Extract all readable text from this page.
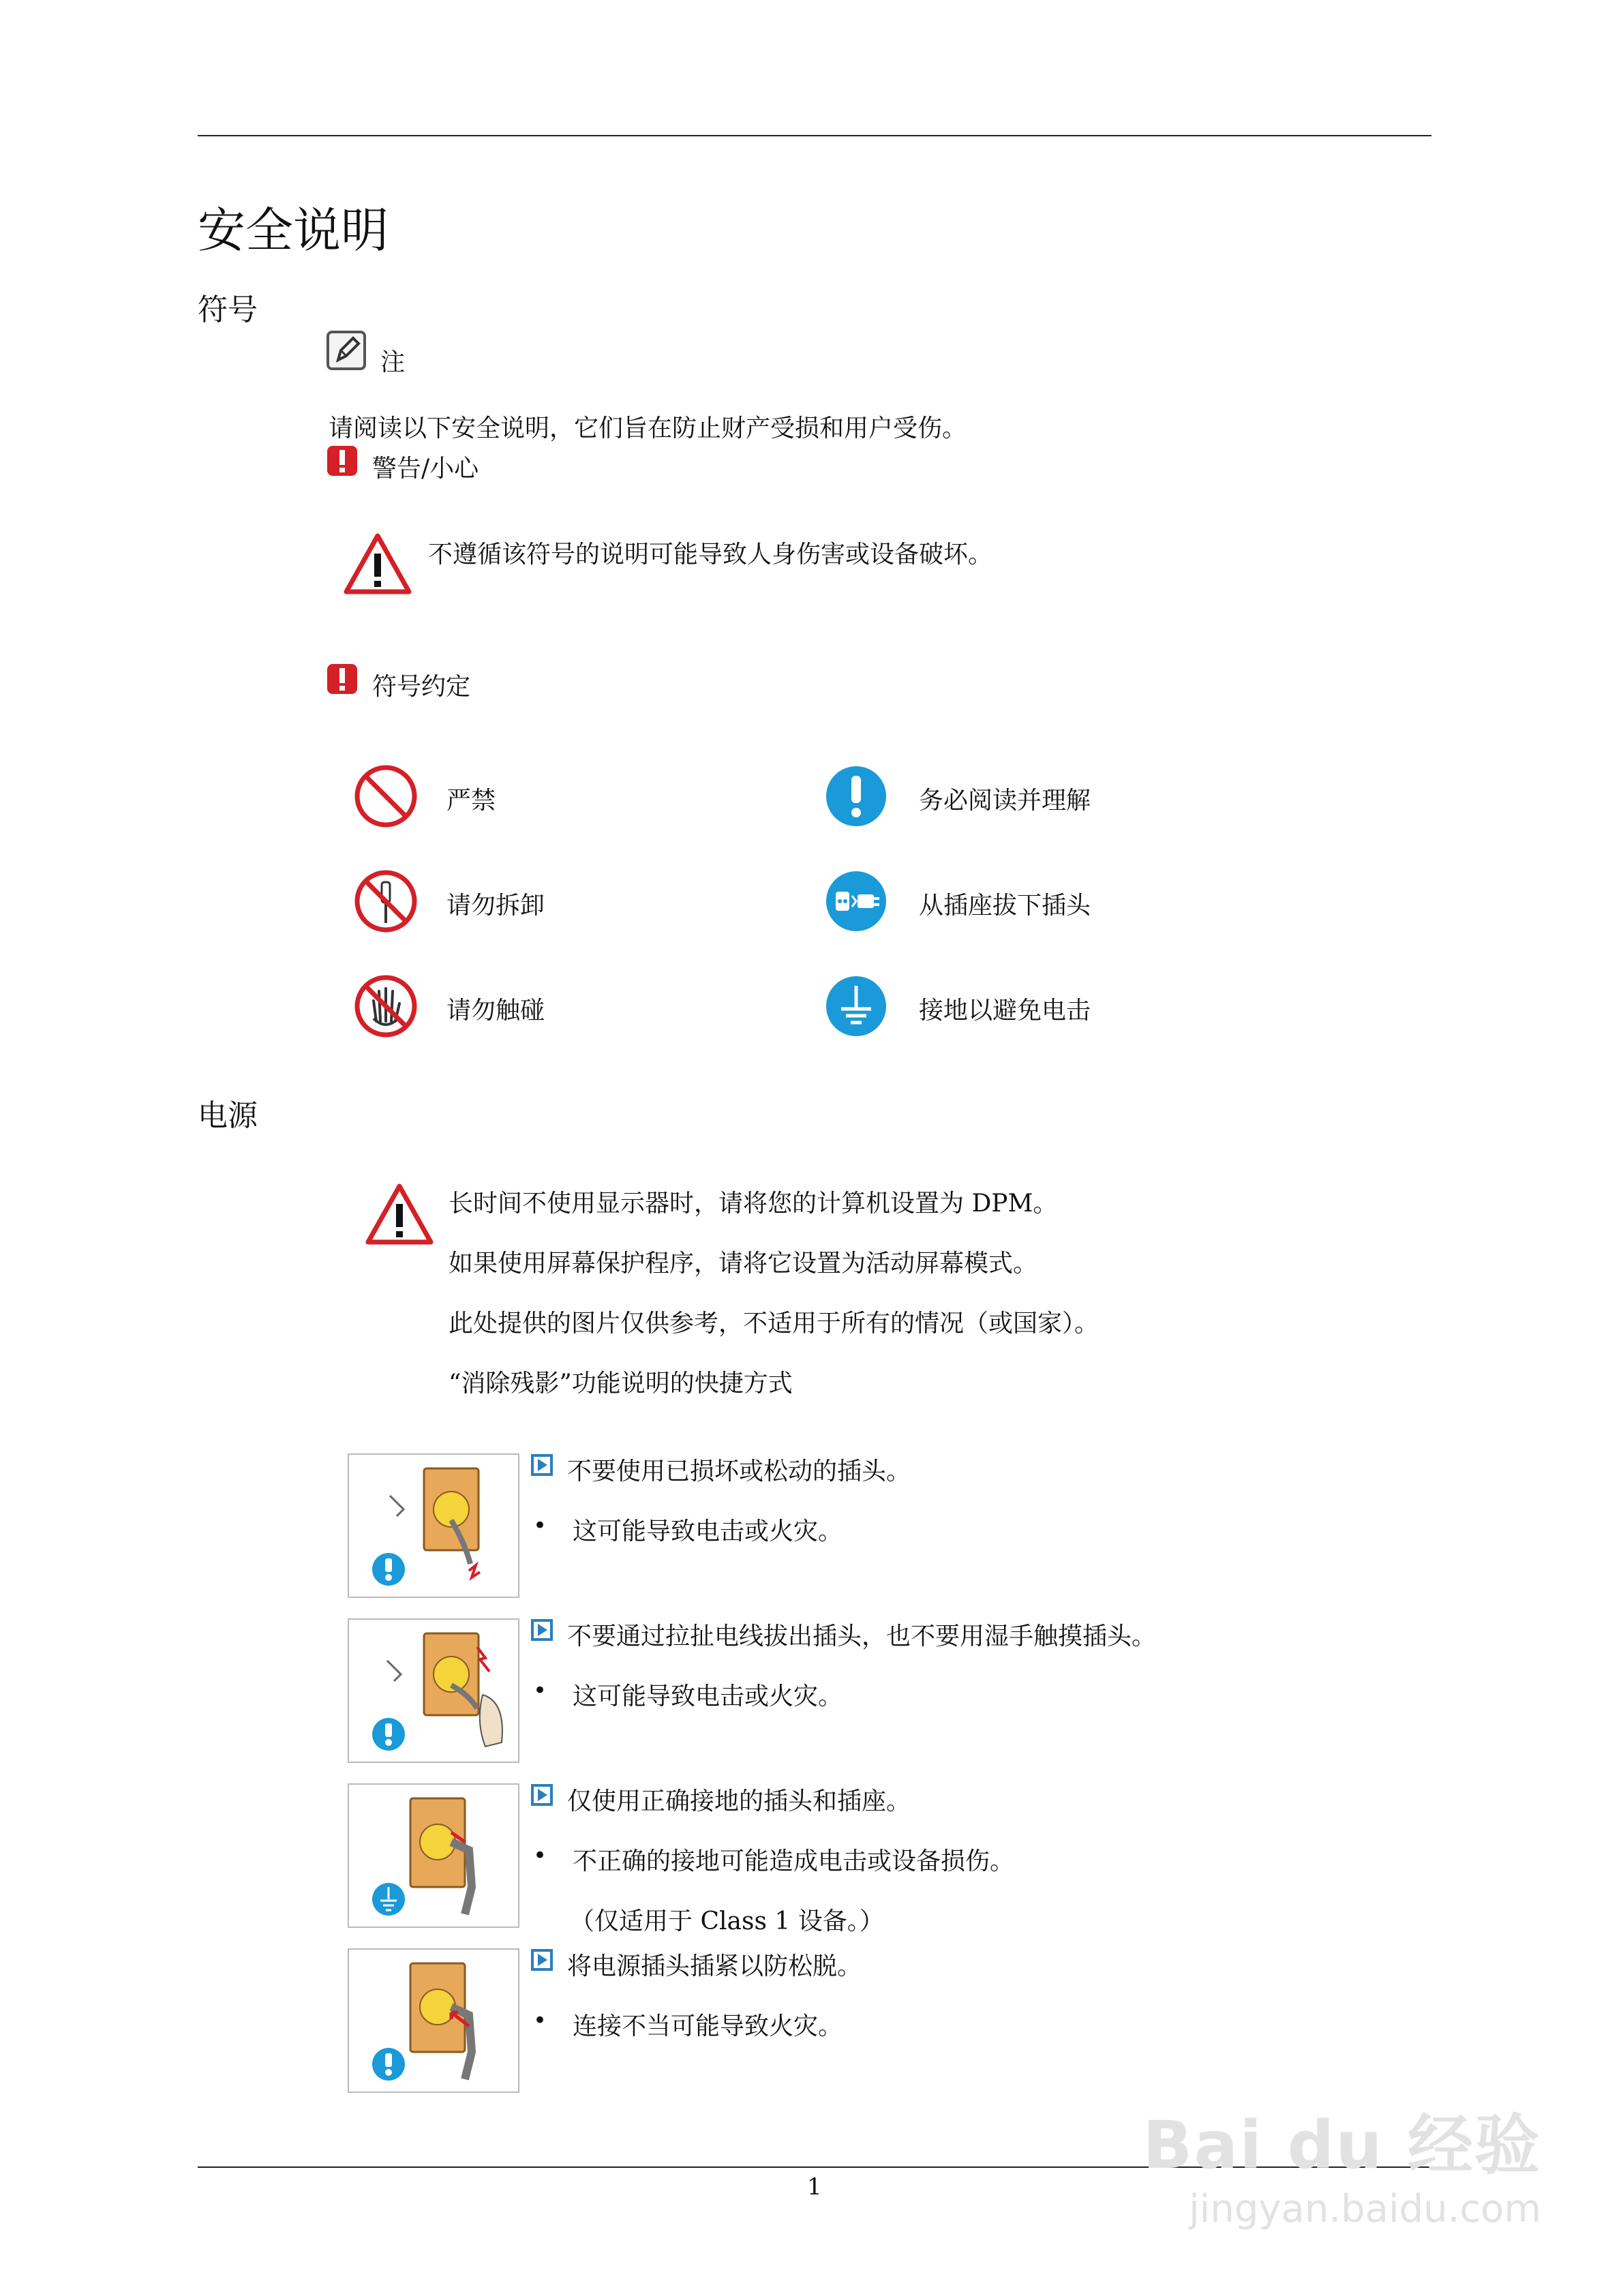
安全说明
符号
注
请阅读以下安全说明，它们旨在防止财产受损和用户受伤。
警告/小心
不遵循该符号的说明可能导致人身伤害或设备破坏。
符号约定
严禁	务必阅读并理解
请勿拆卸	从插座拔下插头
请勿触碰	接地以避免电击
电源
长时间不使用显示器时，请将您的计算机设置为 DPM。
如果使用屏幕保护程序，请将它设置为活动屏幕模式。
此处提供的图片仅供参考，不适用于所有的情况（或国家）。
“消除残影”功能说明的快捷方式
不要使用已损坏或松动的插头。
• 这可能导致电击或火灾。
不要通过拉扯电线拔出插头，也不要用湿手触摸插头。
• 这可能导致电击或火灾。
仅使用正确接地的插头和插座。
• 不正确的接地可能造成电击或设备损伤。
（仅适用于 Class 1 设备。）
将电源插头插紧以防松脱。
• 连接不当可能导致火灾。
1
Bai du 经验
jingyan.baidu.com
